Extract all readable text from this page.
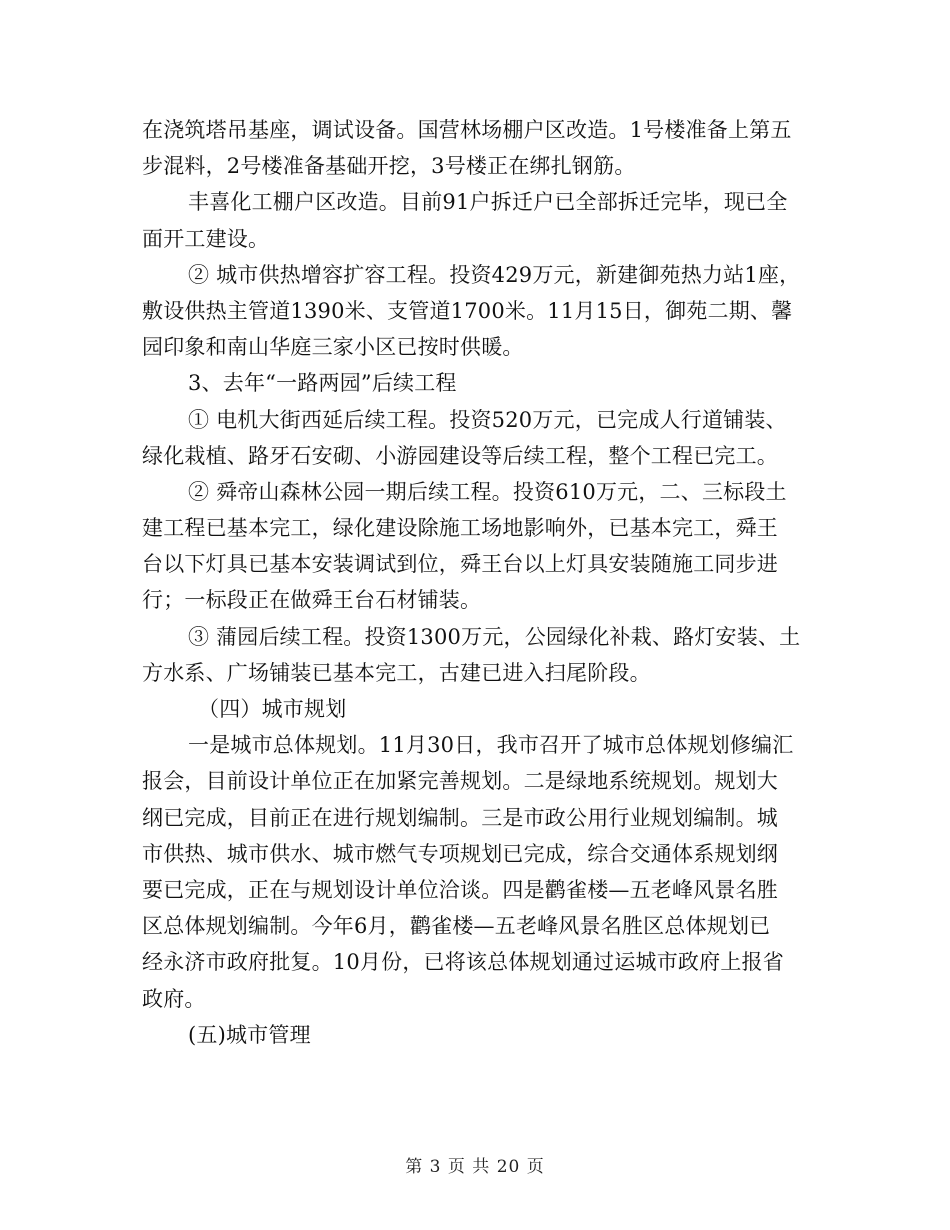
在浇筑塔吊基座，调试设备。国营林场棚户区改造。1号楼准备上第五
步混料，2号楼准备基础开挖，3号楼正在绑扎钢筋。
丰喜化工棚户区改造。目前91户拆迁户已全部拆迁完毕，现已全
面开工建设。
② 城市供热增容扩容工程。投资429万元，新建御苑热力站1座，
敷设供热主管道1390米、支管道1700米。11月15日，御苑二期、馨
园印象和南山华庭三家小区已按时供暖。
3、去年“一路两园”后续工程
① 电机大街西延后续工程。投资520万元，已完成人行道铺装、
绿化栽植、路牙石安砌、小游园建设等后续工程，整个工程已完工。
② 舜帝山森林公园一期后续工程。投资610万元，二、三标段土
建工程已基本完工，绿化建设除施工场地影响外，已基本完工，舜王
台以下灯具已基本安装调试到位，舜王台以上灯具安装随施工同步进
行；一标段正在做舜王台石材铺装。
③ 蒲园后续工程。投资1300万元，公园绿化补栽、路灯安装、土
方水系、广场铺装已基本完工，古建已进入扫尾阶段。
（四）城市规划
一是城市总体规划。11月30日，我市召开了城市总体规划修编汇
报会，目前设计单位正在加紧完善规划。二是绿地系统规划。规划大
纲已完成，目前正在进行规划编制。三是市政公用行业规划编制。城
市供热、城市供水、城市燃气专项规划已完成，综合交通体系规划纲
要已完成，正在与规划设计单位洽谈。四是鹳雀楼—五老峰风景名胜
区总体规划编制。今年6月，鹳雀楼—五老峰风景名胜区总体规划已
经永济市政府批复。10月份，已将该总体规划通过运城市政府上报省
政府。
(五)城市管理
第 3 页 共 20 页
